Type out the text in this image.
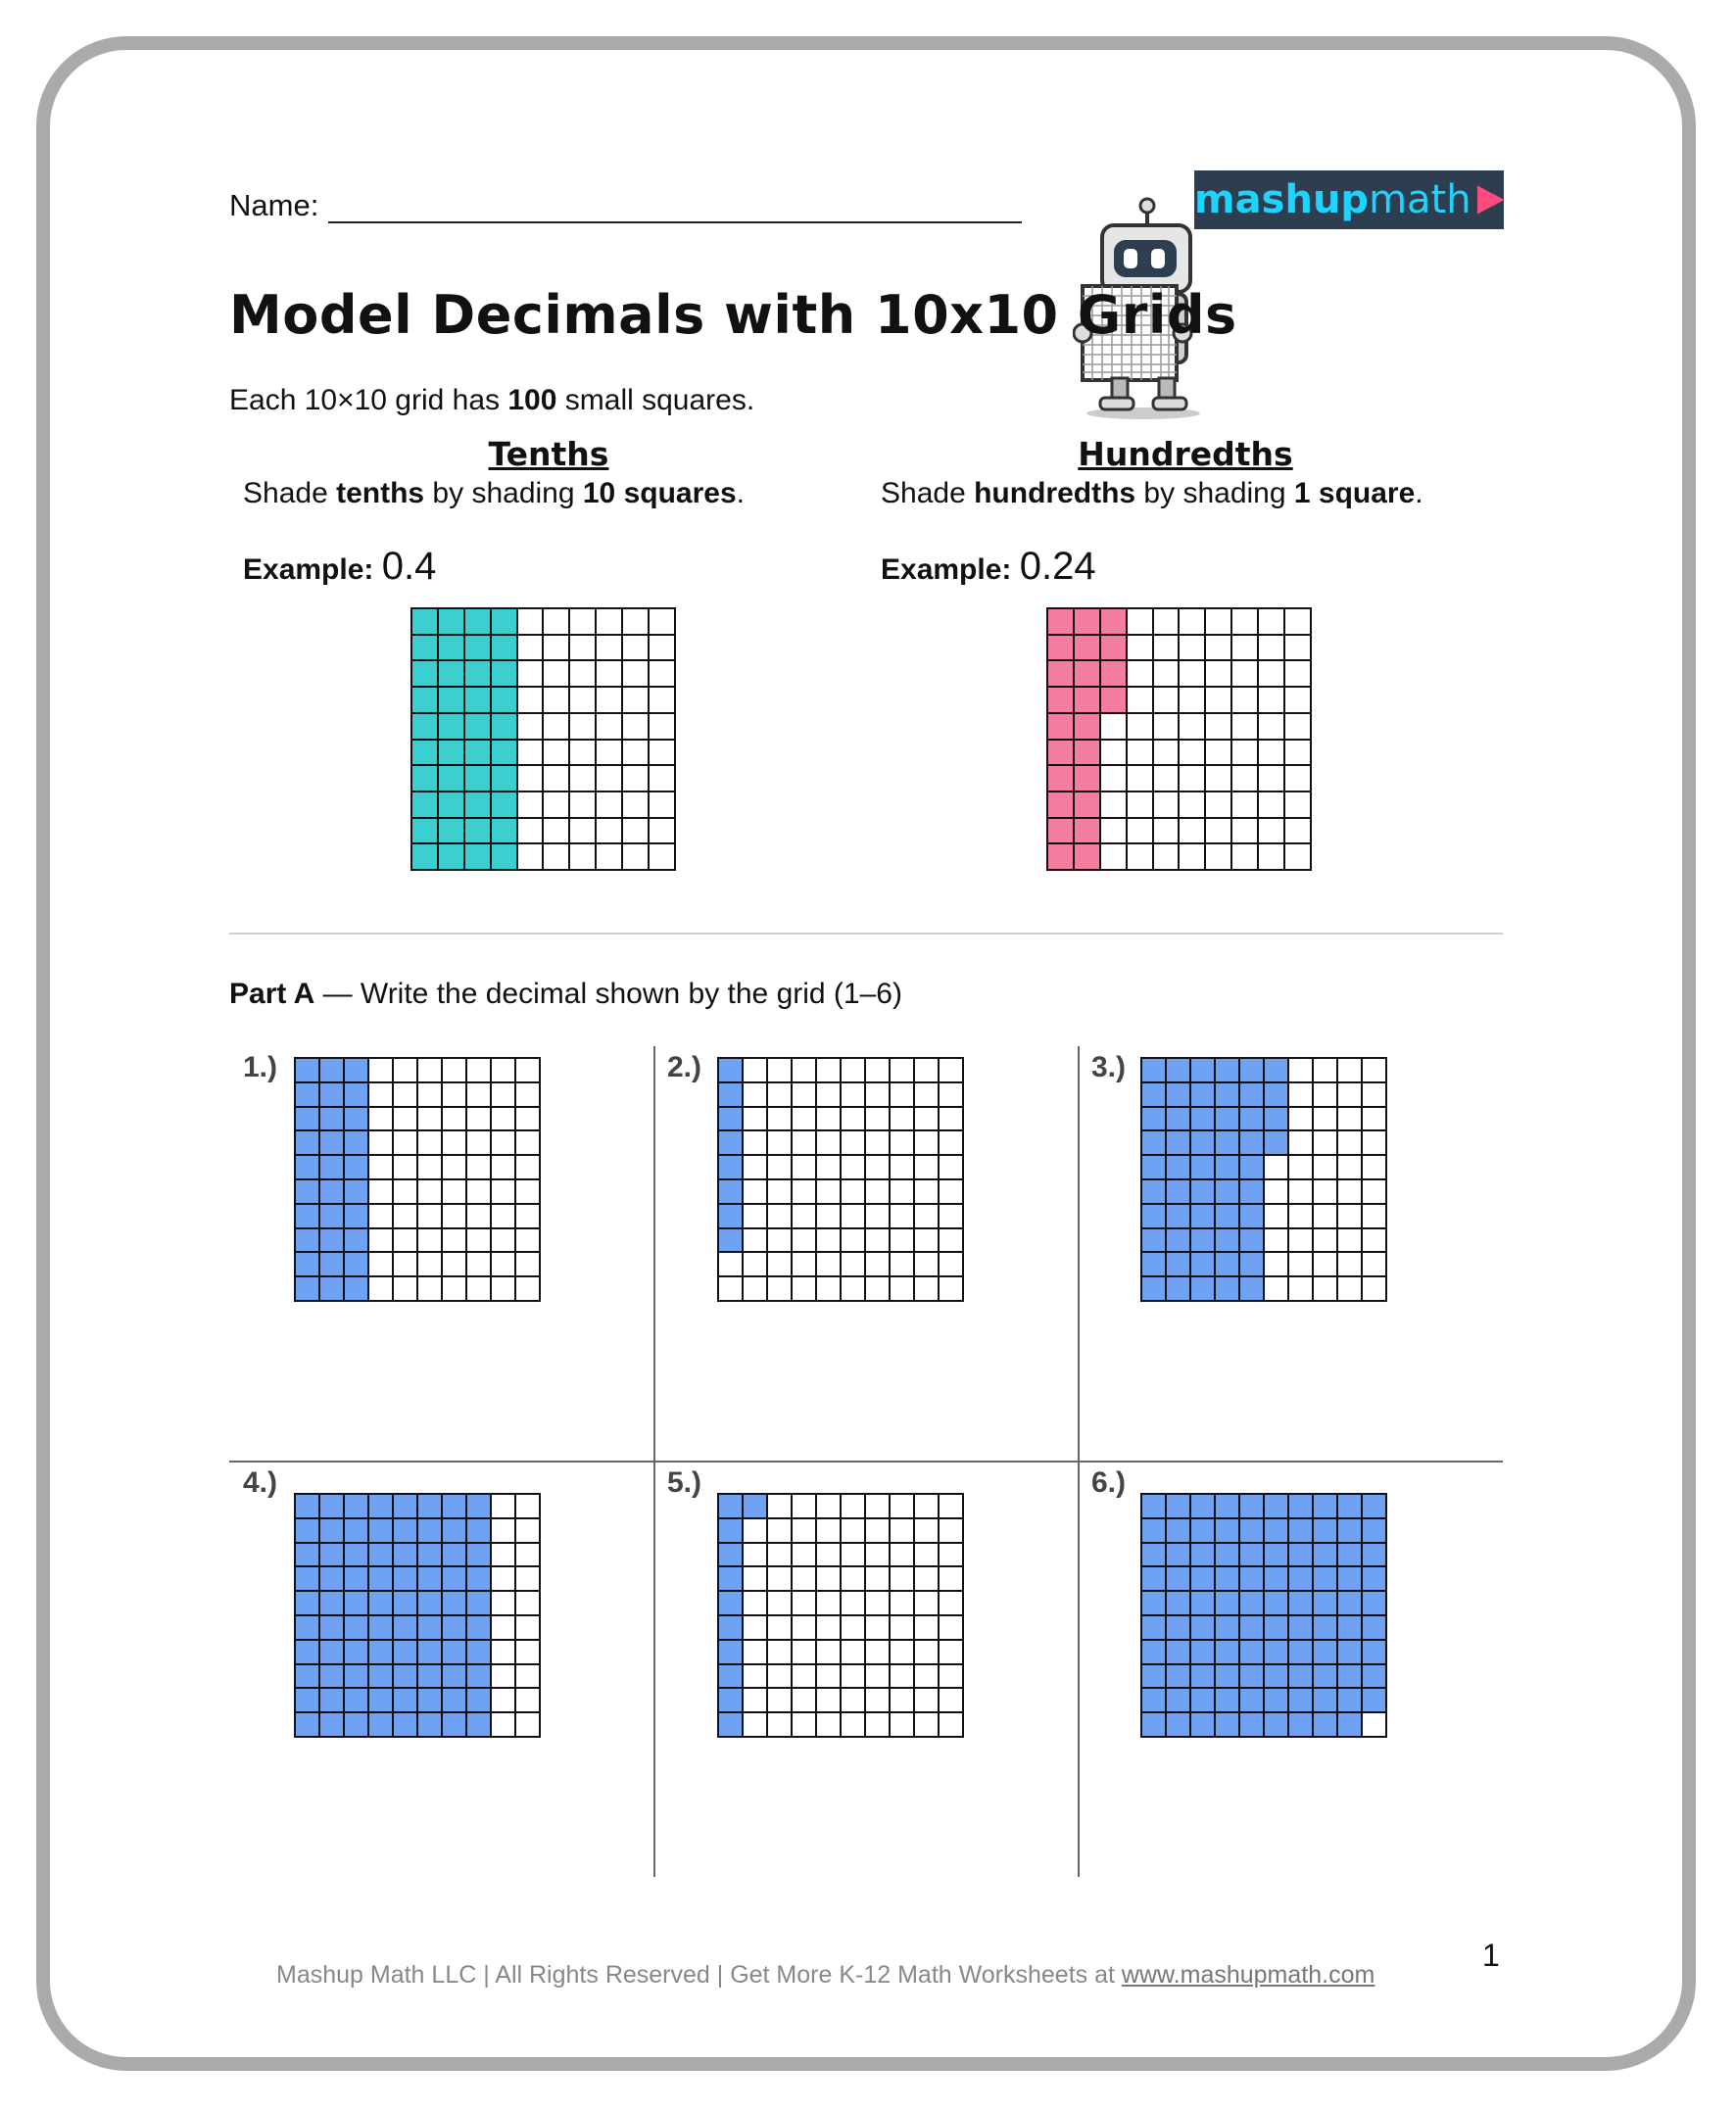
Name:	mashup math
Model Decimals with 10x10 Grids
Each 10×10 grid has 100 small squares.
Tenths
Shade tenths by shading 10 squares.
Example: 0.4
Hundredths
Shade hundredths by shading 1 square.
Example: 0.24
Part A — Write the decimal shown by the grid (1–6)
1.)	2.)	3.)
4.)	5.)	6.)
Mashup Math LLC | All Rights Reserved | Get More K-12 Math Worksheets at www.mashupmath.com
1
